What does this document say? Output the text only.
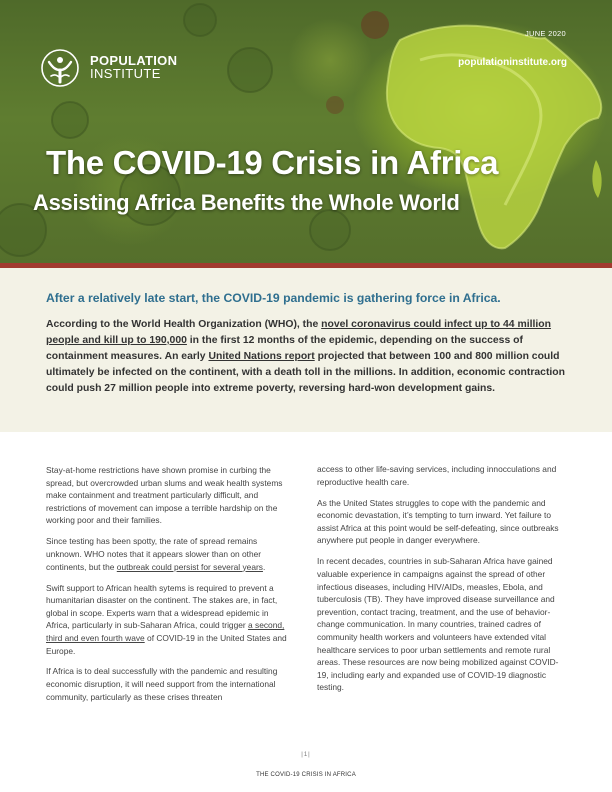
JUNE 2020
populationinstitute.org
POPULATION
INSTITUTE
The COVID-19 Crisis in Africa
Assisting Africa Benefits the Whole World
After a relatively late start, the COVID-19 pandemic is gathering force in Africa.
According to the World Health Organization (WHO), the novel coronavirus could infect up to 44 million people and kill up to 190,000 in the first 12 months of the epidemic, depending on the success of containment measures. An early United Nations report projected that between 100 and 800 million could ultimately be infected on the continent, with a death toll in the millions. In addition, economic contraction could push 27 million people into extreme poverty, reversing hard-won development gains.

Stay-at-home restrictions have shown promise in curbing the spread, but overcrowded urban slums and weak health systems make containment and treatment particularly difficult, and restrictions of movement can impose a terrible hardship on the working poor and their families.

Since testing has been spotty, the rate of spread remains unknown. WHO notes that it appears slower than on other continents, but the outbreak could persist for several years.

Swift support to African health sytems is required to prevent a humanitarian disaster on the continent. The stakes are, in fact, global in scope. Experts warn that a widespread epidemic in Africa, particularly in sub-Saharan Africa, could trigger a second, third and even fourth wave of COVID-19 in the United States and Europe.

If Africa is to deal successfully with the pandemic and resulting economic disruption, it will need support from the international community, particularly as these crises threaten

access to other life-saving services, including innocculations and reproductive health care.

As the United States struggles to cope with the pandemic and economic devastation, it’s tempting to turn inward. Yet failure to assist Africa at this point would be self-defeating, since outbreaks anywhere put people in danger everywhere.

In recent decades, countries in sub-Saharan Africa have gained valuable experience in campaigns against the spread of other infectious diseases, including HIV/AIDs, measles, Ebola, and tuberculosis (TB). They have improved disease surveillance and prevention, contact tracing, treatment, and the use of behavior-change communication. In many countries, trained cadres of community health workers and volunteers have extended vital healthcare services to poor urban settlements and remote rural areas. These resources are now being mobilized against COVID-19, including early and expanded use of COVID-19 diagnostic testing.

|1|
THE COVID-19 CRISIS IN AFRICA
